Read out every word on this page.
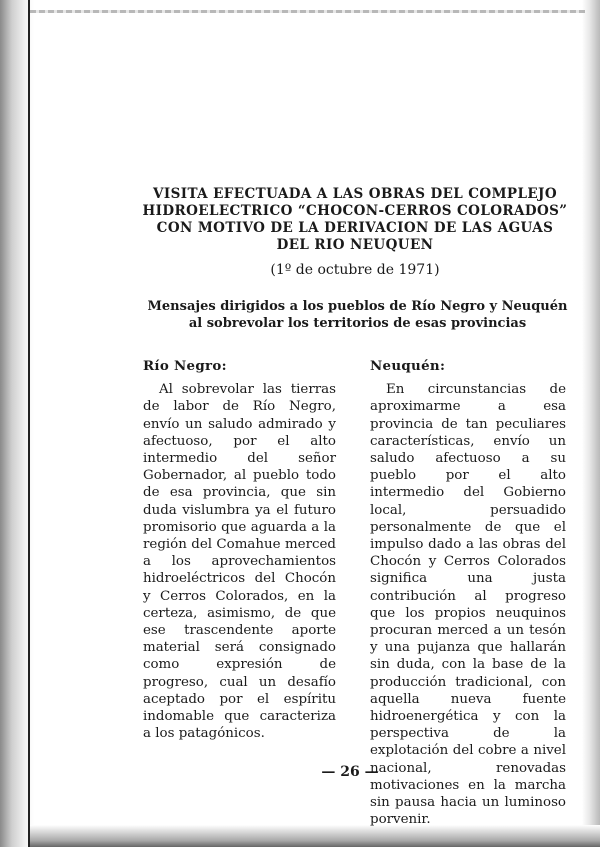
VISITA EFECTUADA A LAS OBRAS DEL COMPLEJO HIDROELECTRICO “CHOCON-CERROS COLORADOS” CON MOTIVO DE LA DERIVACION DE LAS AGUAS DEL RIO NEUQUEN
(1º de octubre de 1971)
Mensajes dirigidos a los pueblos de Río Negro y Neuquén al sobrevolar los territorios de esas provincias
Río Negro:

Al sobrevolar las tierras de labor de Río Negro, envío un saludo admirado y afectuoso, por el alto intermedio del señor Gobernador, al pueblo todo de esa provincia, que sin duda vislumbra ya el futuro promisorio que aguarda a la región del Comahue merced a los aprovechamientos hidroeléctricos del Chocón y Cerros Colorados, en la certeza, asimismo, de que ese trascendente aporte material será consignado como expresión de progreso, cual un desafío aceptado por el espíritu indomable que caracteriza a los patagónicos.

Neuquén:

En circunstancias de aproximarme a esa provincia de tan peculiares características, envío un saludo afectuoso a su pueblo por el alto intermedio del Gobierno local, persuadido personalmente de que el impulso dado a las obras del Chocón y Cerros Colorados significa una justa contribución al progreso que los propios neuquinos procuran merced a un tesón y una pujanza que hallarán sin duda, con la base de la producción tradicional, con aquella nueva fuente hidroenergética y con la perspectiva de la explotación del cobre a nivel nacional, renovadas motivaciones en la marcha sin pausa hacia un luminoso porvenir.

— 26 —
